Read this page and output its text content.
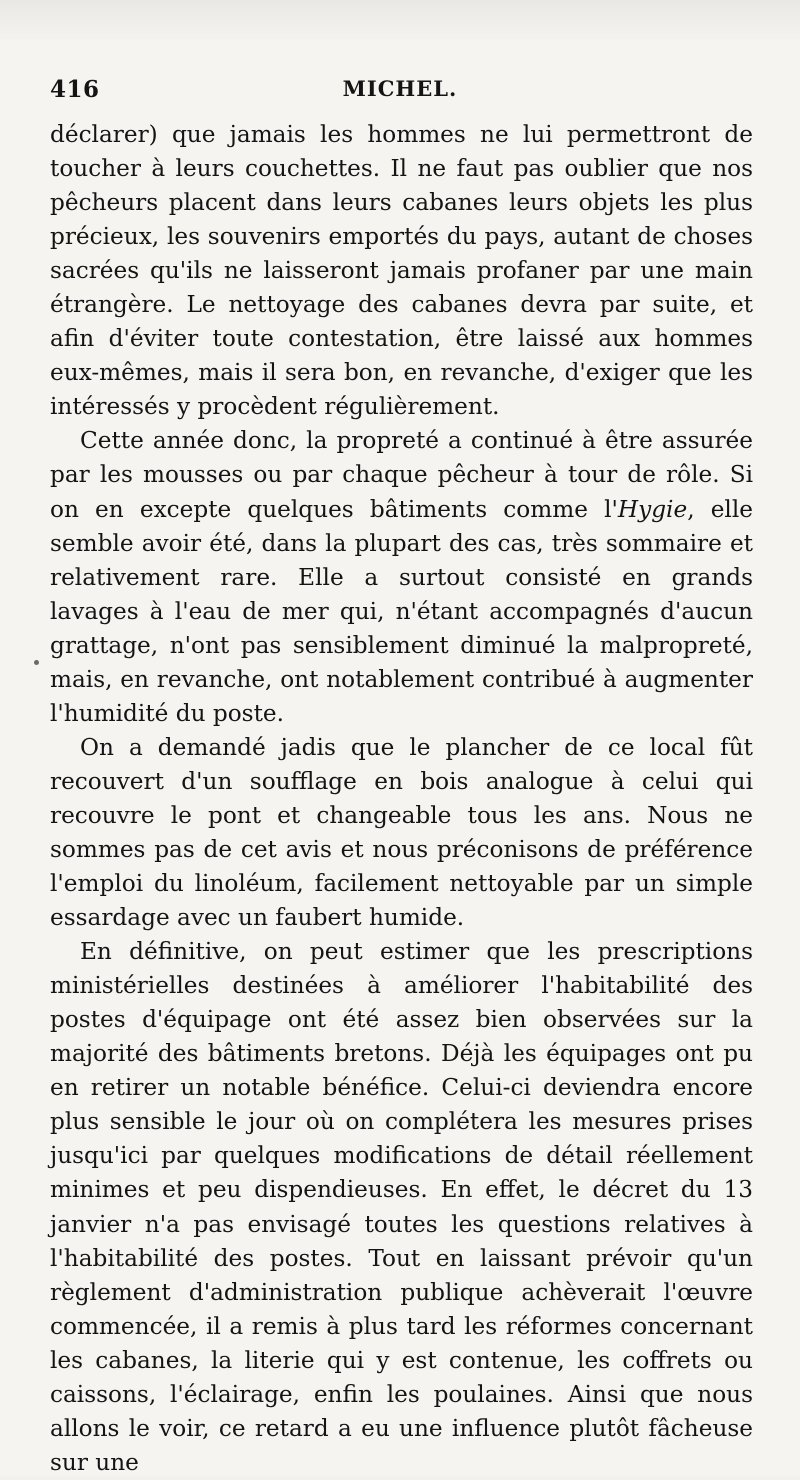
416	MICHEL.

déclarer) que jamais les hommes ne lui permettront de toucher à leurs couchettes. Il ne faut pas oublier que nos pêcheurs placent dans leurs cabanes leurs objets les plus précieux, les souvenirs emportés du pays, autant de choses sacrées qu'ils ne laisseront jamais profaner par une main étrangère. Le nettoyage des cabanes devra par suite, et afin d'éviter toute contestation, être laissé aux hommes eux-mêmes, mais il sera bon, en revanche, d'exiger que les intéressés y procèdent régulièrement.

Cette année donc, la propreté a continué à être assurée par les mousses ou par chaque pêcheur à tour de rôle. Si on en excepte quelques bâtiments comme l'Hygie, elle semble avoir été, dans la plupart des cas, très sommaire et relativement rare. Elle a surtout consisté en grands lavages à l'eau de mer qui, n'étant accompagnés d'aucun grattage, n'ont pas sensiblement diminué la malpropreté, mais, en revanche, ont notablement contribué à augmenter l'humidité du poste.

On a demandé jadis que le plancher de ce local fût recouvert d'un soufflage en bois analogue à celui qui recouvre le pont et changeable tous les ans. Nous ne sommes pas de cet avis et nous préconisons de préférence l'emploi du linoléum, facilement nettoyable par un simple essardage avec un faubert humide.

En définitive, on peut estimer que les prescriptions ministérielles destinées à améliorer l'habitabilité des postes d'équipage ont été assez bien observées sur la majorité des bâtiments bretons. Déjà les équipages ont pu en retirer un notable bénéfice. Celui-ci deviendra encore plus sensible le jour où on complétera les mesures prises jusqu'ici par quelques modifications de détail réellement minimes et peu dispendieuses. En effet, le décret du 13 janvier n'a pas envisagé toutes les questions relatives à l'habitabilité des postes. Tout en laissant prévoir qu'un règlement d'administration publique achèverait l'œuvre commencée, il a remis à plus tard les réformes concernant les cabanes, la literie qui y est contenue, les coffrets ou caissons, l'éclairage, enfin les poulaines. Ainsi que nous allons le voir, ce retard a eu une influence plutôt fâcheuse sur une
